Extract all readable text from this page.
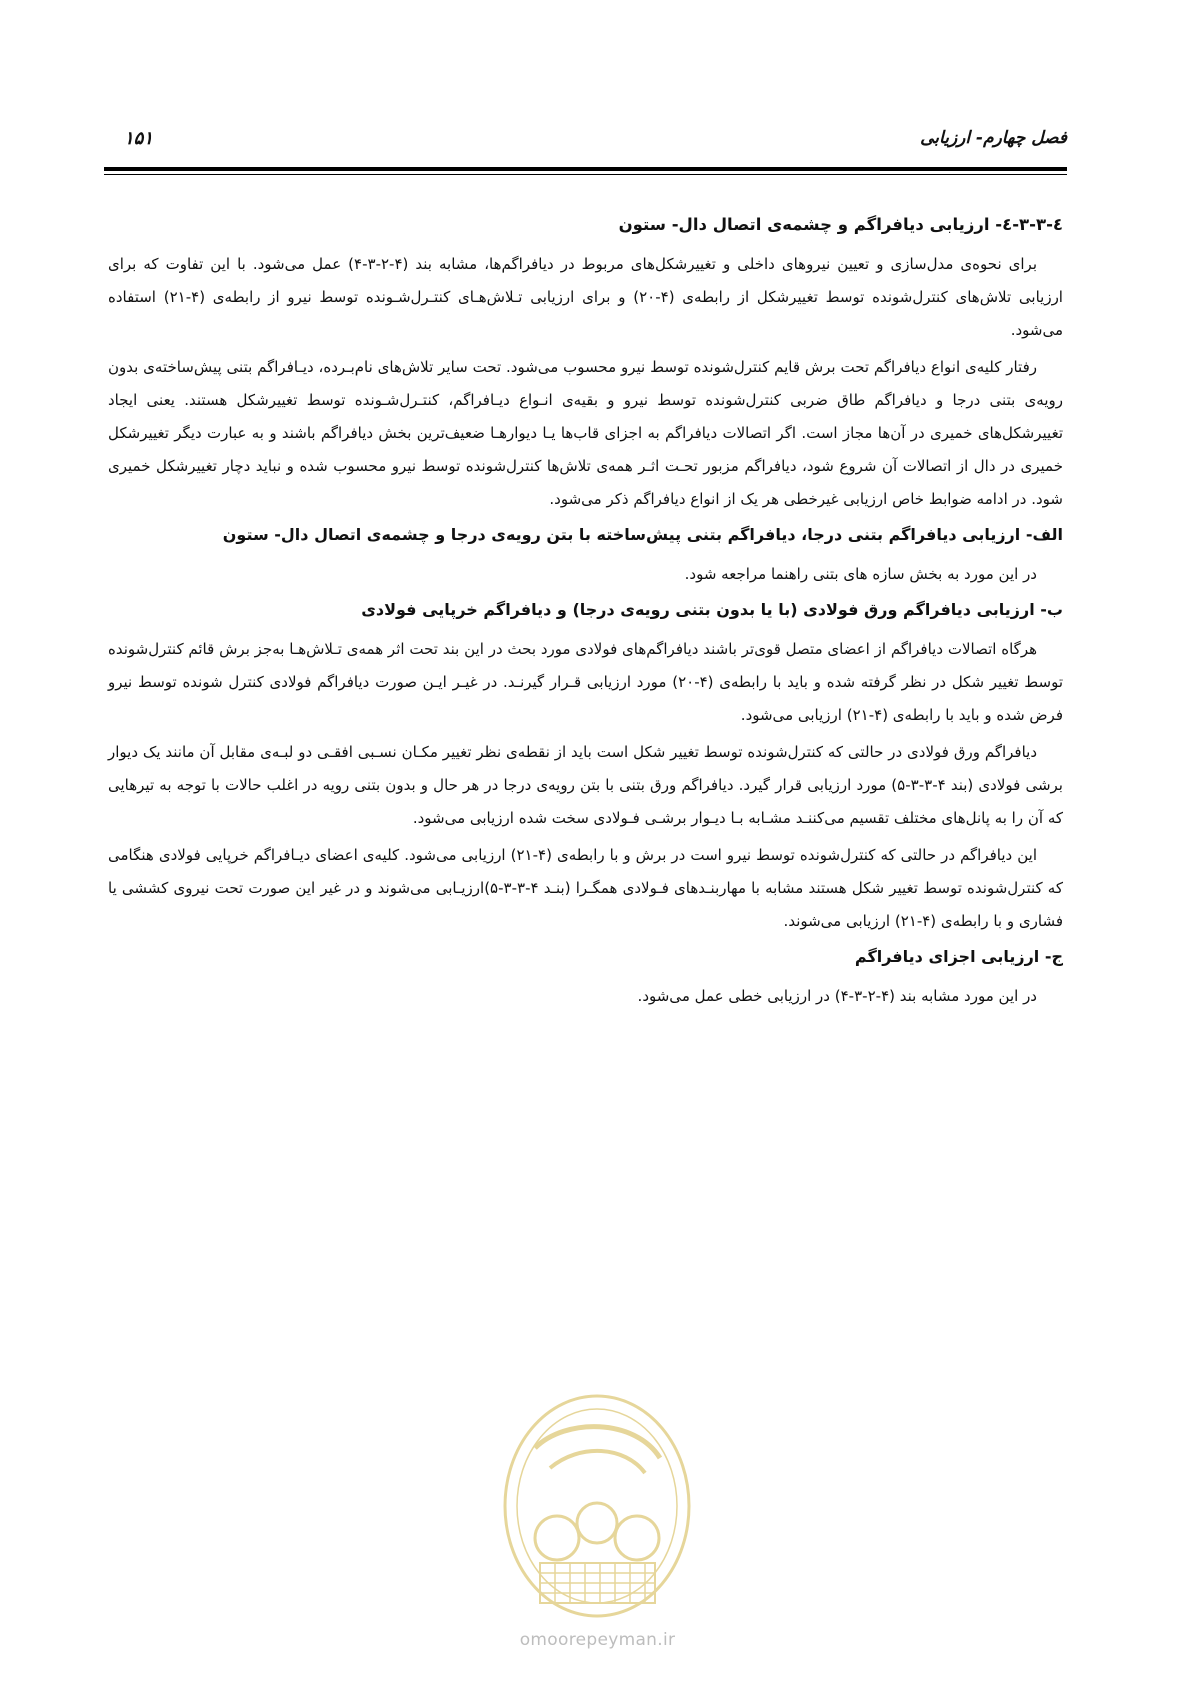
فصل چهارم- ارزیابی
۱۵۱
٤-٣-٣-٤- ارزیابی دیافراگم و چشمه‌ی اتصال دال- ستون

برای نحوه‌ی مدل‌سازی و تعیین نیروهای داخلی و تغییرشکل‌های مربوط در دیافراگم‌ها، مشابه بند (۴-۲-۳-۴) عمل می‌شود. با این تفاوت که برای ارزیابی تلاش‌های کنترل‌شونده توسط تغییرشکل از رابطه‌ی (۴-۲۰) و برای ارزیابی تـلاش‌هـای کنتـرل‌شـونده توسط نیرو از رابطه‌ی (۴-۲۱) استفاده می‌شود.

رفتار کلیه‌ی انواع دیافراگم تحت برش قایم کنترل‌شونده توسط نیرو محسوب می‌شود. تحت سایر تلاش‌های نام‌بـرده، دیـافراگم بتنی پیش‌ساخته‌ی بدون رویه‌ی بتنی درجا و دیافراگم طاق ضربی کنترل‌شونده توسط نیرو و بقیه‌ی انـواع دیـافراگم، کنتـرل‌شـونده توسط تغییرشکل هستند. یعنی ایجاد تغییرشکل‌های خمیری در آن‌ها مجاز است. اگر اتصالات دیافراگم به اجزای قاب‌ها یـا دیوارهـا ضعیف‌ترین بخش دیافراگم باشند و به عبارت دیگر تغییرشکل خمیری در دال از اتصالات آن شروع شود، دیافراگم مزبور تحـت اثـر همه‌ی تلاش‌ها کنترل‌شونده توسط نیرو محسوب شده و نباید دچار تغییرشکل خمیری شود. در ادامه ضوابط خاص ارزیابی غیرخطی هر یک از انواع دیافراگم ذکر می‌شود.

الف- ارزیابی دیافراگم بتنی درجا، دیافراگم بتنی پیش‌ساخته با بتن رویه‌ی درجا و چشمه‌ی اتصال دال- ستون

در این مورد به بخش سازه های بتنی راهنما مراجعه شود.

ب- ارزیابی دیافراگم ورق فولادی (با یا بدون بتنی رویه‌ی درجا) و دیافراگم خرپایی فولادی

هرگاه اتصالات دیافراگم از اعضای متصل قوی‌تر باشند دیافراگم‌های فولادی مورد بحث در این بند تحت اثر همه‌ی تـلاش‌هـا به‌جز برش قائم کنترل‌شونده توسط تغییر شکل در نظر گرفته شده و باید با رابطه‌ی (۴-۲۰) مورد ارزیابی قـرار گیرنـد. در غیـر ایـن صورت دیافراگم فولادی کنترل شونده توسط نیرو فرض شده و باید با رابطه‌ی (۴-۲۱) ارزیابی می‌شود.

دیافراگم ورق فولادی در حالتی که کنترل‌شونده توسط تغییر شکل است باید از نقطه‌ی نظر تغییر مکـان نسـبی افقـی دو لبـه‌ی مقابل آن مانند یک دیوار برشی فولادی (بند ۴-۳-۳-۵) مورد ارزیابی قرار گیرد. دیافراگم ورق بتنی با بتن رویه‌ی درجا در هر حال و بدون بتنی رویه در اغلب حالات با توجه به تیرهایی که آن را به پانل‌های مختلف تقسیم می‌کننـد مشـابه بـا دیـوار برشـی فـولادی سخت شده ارزیابی می‌شود.

این دیافراگم در حالتی که کنترل‌شونده توسط نیرو است در برش و با رابطه‌ی (۴-۲۱) ارزیابی می‌شود. کلیه‌ی اعضای دیـافراگم خرپایی فولادی هنگامی که کنترل‌شونده توسط تغییر شکل هستند مشابه با مهاربنـدهای فـولادی همگـرا (بنـد ۴-۳-۳-۵)ارزیـابی می‌شوند و در غیر این صورت تحت نیروی کششی یا فشاری و با رابطه‌ی (۴-۲۱) ارزیابی می‌شوند.

ج- ارزیابی اجزای دیافراگم

در این مورد مشابه بند (۴-۲-۳-۴) در ارزیابی خطی عمل می‌شود.

omoorepeyman.ir
